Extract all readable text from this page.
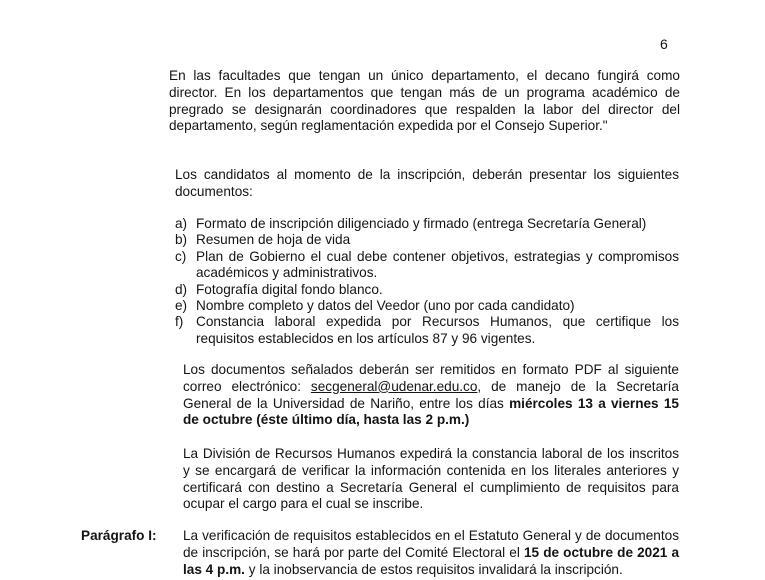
6
En las facultades que tengan un único departamento, el decano fungirá como director. En los departamentos que tengan más de un programa académico de pregrado se designarán coordinadores que respalden la labor del director del departamento, según reglamentación expedida por el Consejo Superior."
Los candidatos al momento de la inscripción, deberán presentar los siguientes documentos:
a) Formato de inscripción diligenciado y firmado (entrega Secretaría General)
b) Resumen de hoja de vida
c) Plan de Gobierno el cual debe contener objetivos, estrategias y compromisos académicos y administrativos.
d) Fotografía digital fondo blanco.
e) Nombre completo y datos del Veedor (uno por cada candidato)
f) Constancia laboral expedida por Recursos Humanos, que certifique los requisitos establecidos en los artículos 87 y 96 vigentes.
Los documentos señalados deberán ser remitidos en formato PDF al siguiente correo electrónico: secgeneral@udenar.edu.co, de manejo de la Secretaría General de la Universidad de Nariño, entre los días miércoles 13 a viernes 15 de octubre (éste último día, hasta las 2 p.m.)
La División de Recursos Humanos expedirá la constancia laboral de los inscritos y se encargará de verificar la información contenida en los literales anteriores y certificará con destino a Secretaría General el cumplimiento de requisitos para ocupar el cargo para el cual se inscribe.
Parágrafo I: La verificación de requisitos establecidos en el Estatuto General y de documentos de inscripción, se hará por parte del Comité Electoral el 15 de octubre de 2021 a las 4 p.m. y la inobservancia de estos requisitos invalidará la inscripción.
